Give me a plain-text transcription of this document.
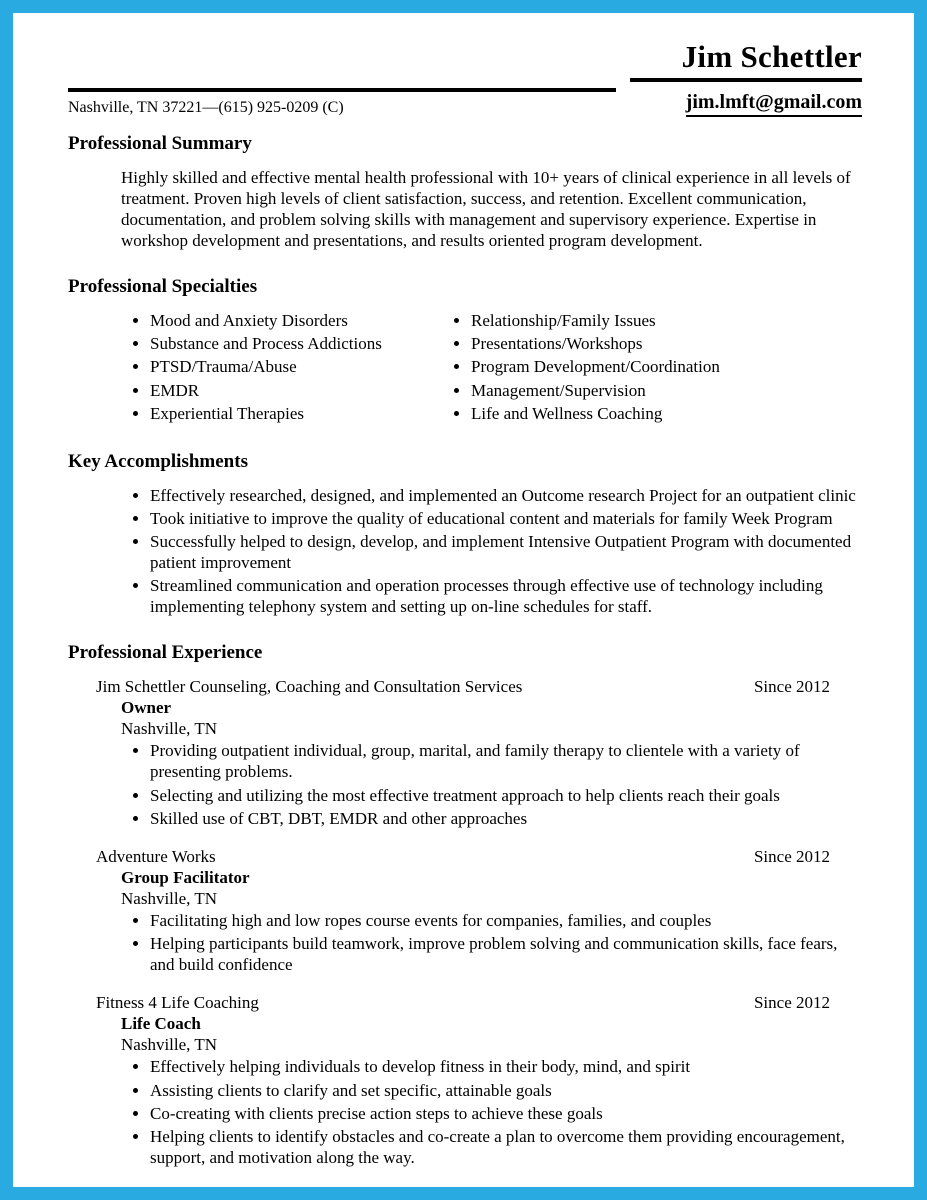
Nashville, TN 37221—(615) 925-0209 (C)
Jim Schettler
jim.lmft@gmail.com
Professional Summary

Highly skilled and effective mental health professional with 10+ years of clinical experience in all levels of treatment. Proven high levels of client satisfaction, success, and retention. Excellent communication, documentation, and problem solving skills with management and supervisory experience. Expertise in workshop development and presentations, and results oriented program development.

Professional Specialties
• Mood and Anxiety Disorders
• Substance and Process Addictions
• PTSD/Trauma/Abuse
• EMDR
• Experiential Therapies
• Relationship/Family Issues
• Presentations/Workshops
• Program Development/Coordination
• Management/Supervision
• Life and Wellness Coaching
Key Accomplishments
• Effectively researched, designed, and implemented an Outcome research Project for an outpatient clinic
• Took initiative to improve the quality of educational content and materials for family Week Program
• Successfully helped to design, develop, and implement Intensive Outpatient Program with documented patient improvement
• Streamlined communication and operation processes through effective use of technology including implementing telephony system and setting up on-line schedules for staff.
Professional Experience
Jim Schettler Counseling, Coaching and Consultation Services	Since 2012
Owner
Nashville, TN
• Providing outpatient individual, group, marital, and family therapy to clientele with a variety of presenting problems.
• Selecting and utilizing the most effective treatment approach to help clients reach their goals
• Skilled use of CBT, DBT, EMDR and other approaches
Adventure Works	Since 2012
Group Facilitator
Nashville, TN
• Facilitating high and low ropes course events for companies, families, and couples
• Helping participants build teamwork, improve problem solving and communication skills, face fears, and build confidence
Fitness 4 Life Coaching	Since 2012
Life Coach
Nashville, TN
• Effectively helping individuals to develop fitness in their body, mind, and spirit
• Assisting clients to clarify and set specific, attainable goals
• Co-creating with clients precise action steps to achieve these goals
• Helping clients to identify obstacles and co-create a plan to overcome them providing encouragement, support, and motivation along the way.
